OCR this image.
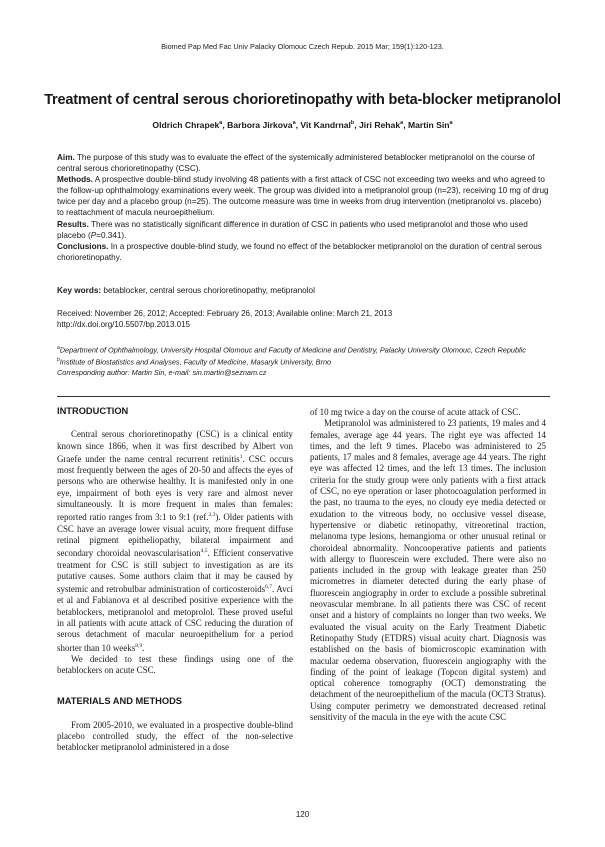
Biomed Pap Med Fac Univ Palacky Olomouc Czech Repub. 2015 Mar; 159(1):120-123.
Treatment of central serous chorioretinopathy with beta-blocker metipranolol
Oldrich Chrapek$^a$, Barbora Jirkova$^a$, Vit Kandrnal$^b$, Jiri Rehak$^a$, Martin Sin$^a$

Aim. The purpose of this study was to evaluate the effect of the systemically administered betablocker metipranolol on the course of central serous chorioretinopathy (CSC).

Methods. A prospective double-blind study involving 48 patients with a first attack of CSC not exceeding two weeks and who agreed to the follow-up ophthalmology examinations every week. The group was divided into a metipranolol group (n=23), receiving 10 mg of drug twice per day and a placebo group (n=25). The outcome measure was time in weeks from drug intervention (metipranolol vs. placebo) to reattachment of macula neuroepithelium.

Results. There was no statistically significant difference in duration of CSC in patients who used metipranolol and those who used placebo (P=0.341).

Conclusions. In a prospective double-blind study, we found no effect of the betablocker metipranolol on the duration of central serous chorioretinopathy.

Key words: betablocker, central serous chorioretinopathy, metipranolol

Received: November 26, 2012; Accepted: February 26, 2013; Available online: March 21, 2013

http://dx.doi.org/10.5507/bp.2013.015

$^a$Department of Ophthalmology, University Hospital Olomouc and Faculty of Medicine and Dentistry, Palacky University Olomouc, Czech Republic

$^b$Institute of Biostatistics and Analyses, Faculty of Medicine, Masaryk University, Brno

Corresponding author: Martin Sin, e-mail: sin.martin@seznam.cz

INTRODUCTION

Central serous chorioretinopathy (CSC) is a clinical entity known since 1866, when it was first described by Albert von Graefe under the name central recurrent retinitis$^1$. CSC occurs most frequently between the ages of 20-50 and affects the eyes of persons who are otherwise healthy. It is manifested only in one eye, impairment of both eyes is very rare and almost never simultaneously. It is more frequent in males than females: reported ratio ranges from 3:1 to 9:1 (ref.$^{2,3}$). Older patients with CSC have an average lower visual acuity, more frequent diffuse retinal pigment epitheliopathy, bilateral impairment and secondary choroidal neovascularisation$^{4,5}$. Efficient conservative treatment for CSC is still subject to investigation as are its putative causes. Some authors claim that it may be caused by systemic and retrobulbar administration of corticosteroids$^{6,7}$. Avci et al and Fabianova et al described positive experience with the betablockers, metipranolol and metoprolol. These proved useful in all patients with acute attack of CSC reducing the duration of serous detachment of macular neuroepithelium for a period shorter than 10 weeks$^{8,9}$.

We decided to test these findings using one of the betablockers on acute CSC.

MATERIALS AND METHODS

From 2005-2010, we evaluated in a prospective double-blind placebo controlled study, the effect of the non-selective betablocker metipranolol administered in a dose

of 10 mg twice a day on the course of acute attack of CSC.

Metipranolol was administered to 23 patients, 19 males and 4 females, average age 44 years. The right eye was affected 14 times, and the left 9 times. Placebo was administered to 25 patients, 17 males and 8 females, average age 44 years. The right eye was affected 12 times, and the left 13 times. The inclusion criteria for the study group were only patients with a first attack of CSC, no eye operation or laser photocoagulation performed in the past, no trauma to the eyes, no cloudy eye media detected or exudation to the vitreous body, no occlusive vessel disease, hypertensive or diabetic retinopathy, vitreoretinal traction, melanoma type lesions, hemangioma or other unusual retinal or choroideal abnormality. Noncooperative patients and patients with allergy to fluorescein were excluded. There were also no patients included in the group with leakage greater than 250 micrometres in diameter detected during the early phase of fluorescein angiography in order to exclude a possible subretinal neovascular membrane. In all patients there was CSC of recent onset and a history of complaints no longer than two weeks. We evaluated the visual acuity on the Early Treatment Diabetic Retinopathy Study (ETDRS) visual acuity chart. Diagnosis was established on the basis of biomicroscopic examination with macular oedema observation, fluorescein angiography with the finding of the point of leakage (Topcon digital system) and optical coherence tomography (OCT) demonstrating the detachment of the neuroepithelium of the macula (OCT3 Stratus). Using computer perimetry we demonstrated decreased retinal sensitivity of the macula in the eye with the acute CSC

120
